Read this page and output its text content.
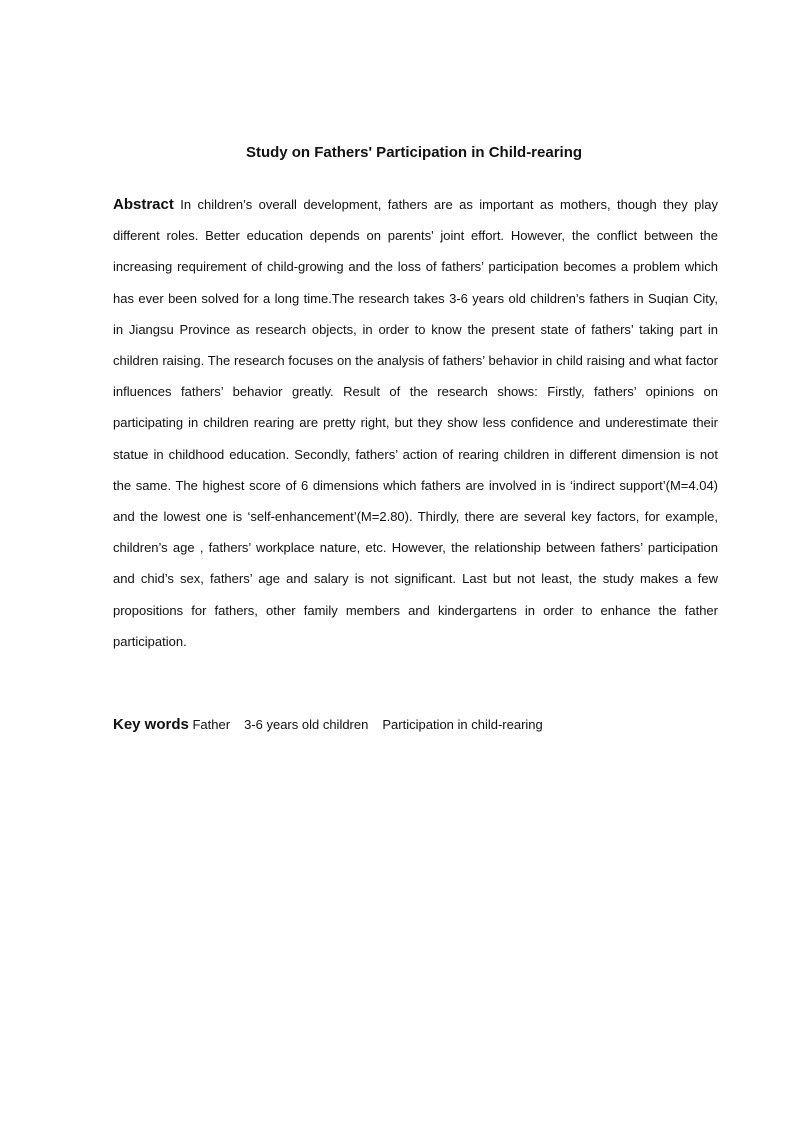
Study on Fathers' Participation in Child-rearing

Abstract In children’s overall development, fathers are as important as mothers, though they play different roles. Better education depends on parents' joint effort. However, the conflict between the increasing requirement of child-growing and the loss of fathers’ participation becomes a problem which has ever been solved for a long time.The research takes 3-6 years old children’s fathers in Suqian City, in Jiangsu Province as research objects, in order to know the present state of fathers’ taking part in children raising. The research focuses on the analysis of fathers’ behavior in child raising and what factor influences fathers’ behavior greatly. Result of the research shows: Firstly, fathers’ opinions on participating in children rearing are pretty right, but they show less confidence and underestimate their statue in childhood education. Secondly, fathers’ action of rearing children in different dimension is not the same. The highest score of 6 dimensions which fathers are involved in is ‘indirect support’(M=4.04) and the lowest one is ‘self-enhancement’(M=2.80). Thirdly, there are several key factors, for example, children’s age , fathers’ workplace nature, etc. However, the relationship between fathers’ participation and chid’s sex, fathers’ age and salary is not significant. Last but not least, the study makes a few propositions for fathers, other family members and kindergartens in order to enhance the father participation.

Key words Father 3-6 years old children Participation in child-rearing
